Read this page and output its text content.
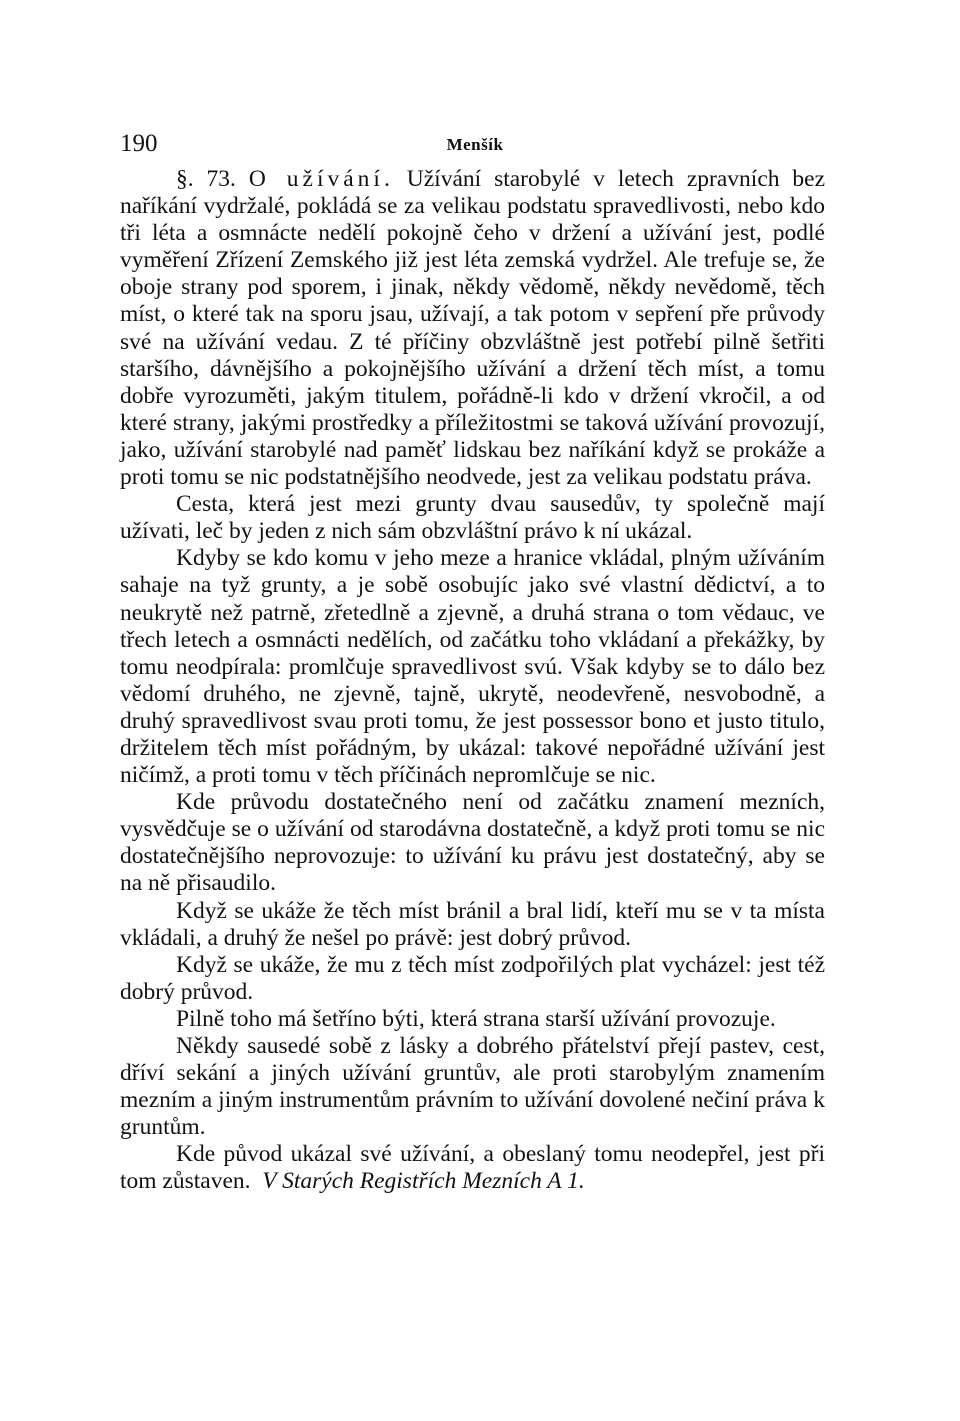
190	Menšík

§. 73. O užívání. Užívání starobylé v letech zpravních bez naříkání vydržalé, pokládá se za velikau podstatu spravedlivosti, nebo kdo tři léta a osmnácte nedělí pokojně čeho v držení a užívání jest, podlé vyměření Zřízení Zemského již jest léta zemská vydržel. Ale trefuje se, že oboje strany pod sporem, i jinak, někdy vědomě, někdy nevědomě, těch míst, o které tak na sporu jsau, užívají, a tak potom v sepření pře průvody své na užívání vedau. Z té příčiny obzvláštně jest potřebí pilně šetřiti staršího, dávnějšího a pokojnějšího užívání a držení těch míst, a tomu dobře vyrozuměti, jakým titulem, pořádně-li kdo v držení vkročil, a od které strany, jakými prostředky a příležitostmi se taková užívání provozují, jako, užívání starobylé nad paměť lidskau bez naříkání když se prokáže a proti tomu se nic podstatnějšího neodvede, jest za velikau podstatu práva.

Cesta, která jest mezi grunty dvau sausedův, ty společně mají užívati, leč by jeden z nich sám obzvláštní právo k ní ukázal.

Kdyby se kdo komu v jeho meze a hranice vkládal, plným užíváním sahaje na tyž grunty, a je sobě osobujíc jako své vlastní dědictví, a to neukrytě než patrně, zřetedlně a zjevně, a druhá strana o tom vědauc, ve třech letech a osmnácti nedělích, od začátku toho vkládaní a překážky, by tomu neodpírala: promlčuje spravedlivost svú. Však kdyby se to dálo bez vědomí druhého, ne zjevně, tajně, ukrytě, neodevřeně, nesvobodně, a druhý spravedlivost svau proti tomu, že jest possessor bono et justo titulo, držitelem těch míst pořádným, by ukázal: takové nepořádné užívání jest ničímž, a proti tomu v těch příčinách nepromlčuje se nic.

Kde průvodu dostatečného není od začátku znamení mezních, vysvědčuje se o užívání od starodávna dostatečně, a když proti tomu se nic dostatečnějšího neprovozuje: to užívání ku právu jest dostatečný, aby se na ně přisaudilo.

Když se ukáže že těch míst bránil a bral lidí, kteří mu se v ta místa vkládali, a druhý že nešel po právě: jest dobrý průvod.

Když se ukáže, že mu z těch míst zodpořilých plat vycházel: jest též dobrý průvod.

Pilně toho má šetříno býti, která strana starší užívání provozuje.

Někdy sausedé sobě z lásky a dobrého přátelství přejí pastev, cest, dříví sekání a jiných užívání gruntův, ale proti starobylým znamením mezním a jiným instrumentům právním to užívání dovolené nečiní práva k gruntům.

Kde původ ukázal své užívání, a obeslaný tomu neodepřel, jest při tom zůstaven. V Starých Registřích Mezních A 1.
